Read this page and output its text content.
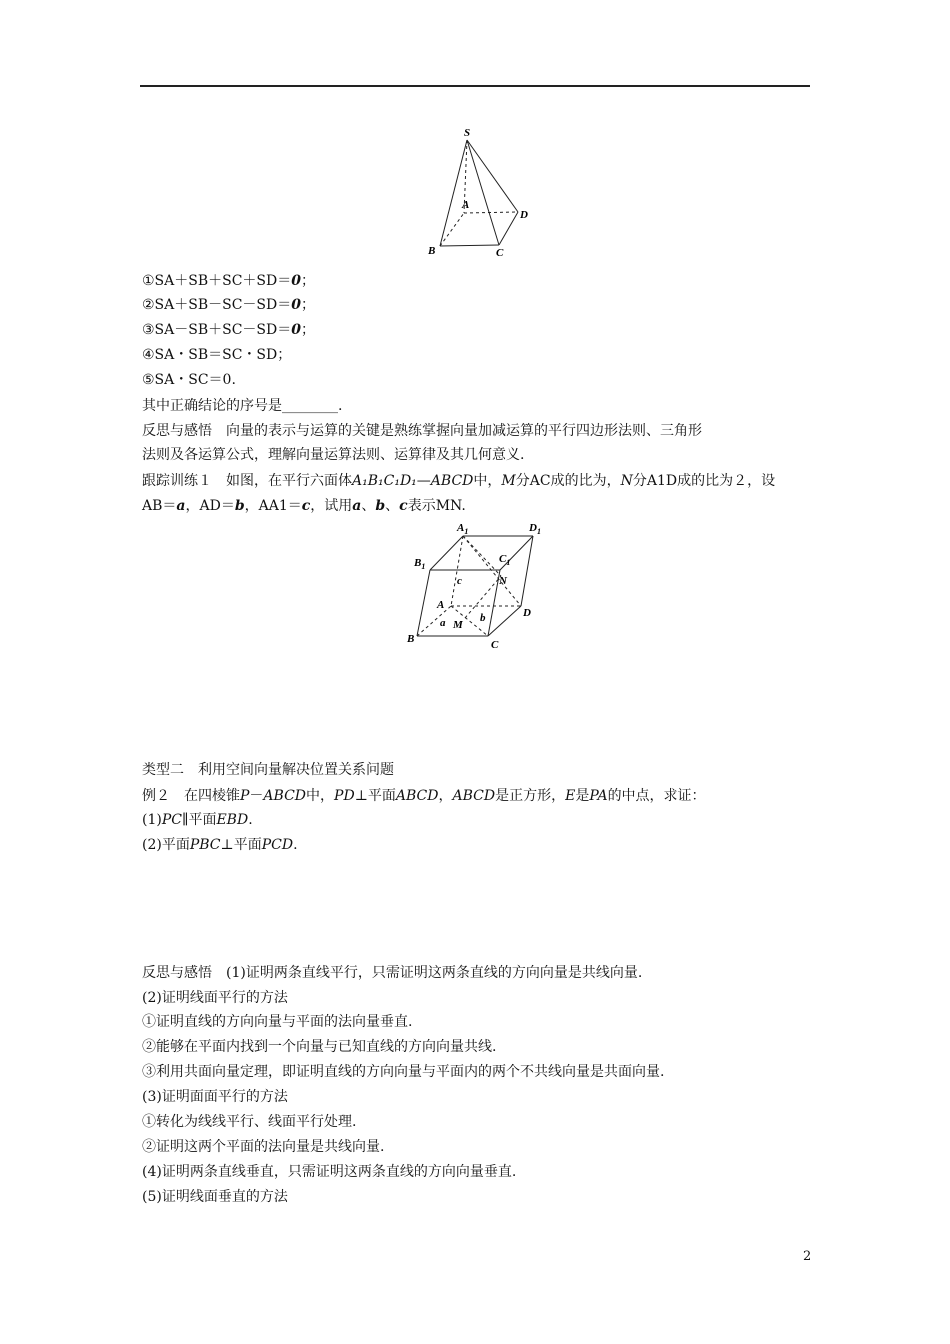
S
A
B	C
D
①SA＋SB＋SC＋SD＝0；
②SA＋SB－SC－SD＝0；
③SA－SB＋SC－SD＝0；
④SA・SB＝SC・SD；
⑤SA・SC＝0.
其中正确结论的序号是________.
反思与感悟　向量的表示与运算的关键是熟练掌握向量加减运算的平行四边形法则、三角形
法则及各运算公式，理解向量运算法则、运算律及其几何意义.
跟踪训练１　如图，在平行六面体A₁B₁C₁D₁—ABCD中，M分AC成的比为，N分A1D成的比为２，设
AB＝a，AD＝b，AA1＝c，试用a、b、c表示MN.
$A_1$	$D_1$
$B_1$
$C_1$
c	N
A
D
a M
b
B	C
类型二　利用空间向量解决位置关系问题
例２　在四棱锥P－ABCD中，PD⊥平面ABCD，ABCD是正方形，E是PA的中点，求证：
(1)PC∥平面EBD.
(2)平面PBC⊥平面PCD.
反思与感悟　(1)证明两条直线平行，只需证明这两条直线的方向向量是共线向量.
(2)证明线面平行的方法
①证明直线的方向向量与平面的法向量垂直.
②能够在平面内找到一个向量与已知直线的方向向量共线.
③利用共面向量定理，即证明直线的方向向量与平面内的两个不共线向量是共面向量.
(3)证明面面平行的方法
①转化为线线平行、线面平行处理.
②证明这两个平面的法向量是共线向量.
(4)证明两条直线垂直，只需证明这两条直线的方向向量垂直.
(5)证明线面垂直的方法
2
